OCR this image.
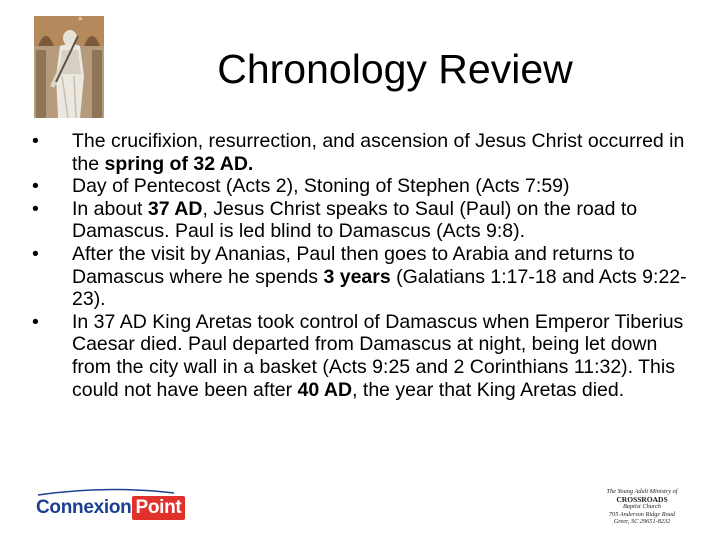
Chronology Review
• The crucifixion, resurrection, and ascension of Jesus Christ occurred in the spring of 32 AD.
• Day of Pentecost (Acts 2), Stoning of Stephen (Acts 7:59)
• In about 37 AD, Jesus Christ speaks to Saul (Paul) on the road to Damascus. Paul is led blind to Damascus (Acts 9:8).
• After the visit by Ananias, Paul then goes to Arabia and returns to Damascus where he spends 3 years (Galatians 1:17-18 and Acts 9:22-23).
• In 37 AD King Aretas took control of Damascus when Emperor Tiberius Caesar died. Paul departed from Damascus at night, being let down from the city wall in a basket (Acts 9:25 and 2 Corinthians 11:32). This could not have been after 40 AD, the year that King Aretas died.
Connexion Point
The Young Adult Ministry of
CROSSROADS
Baptist Church
705 Anderson Ridge Road
Greer, SC 29651-8232
